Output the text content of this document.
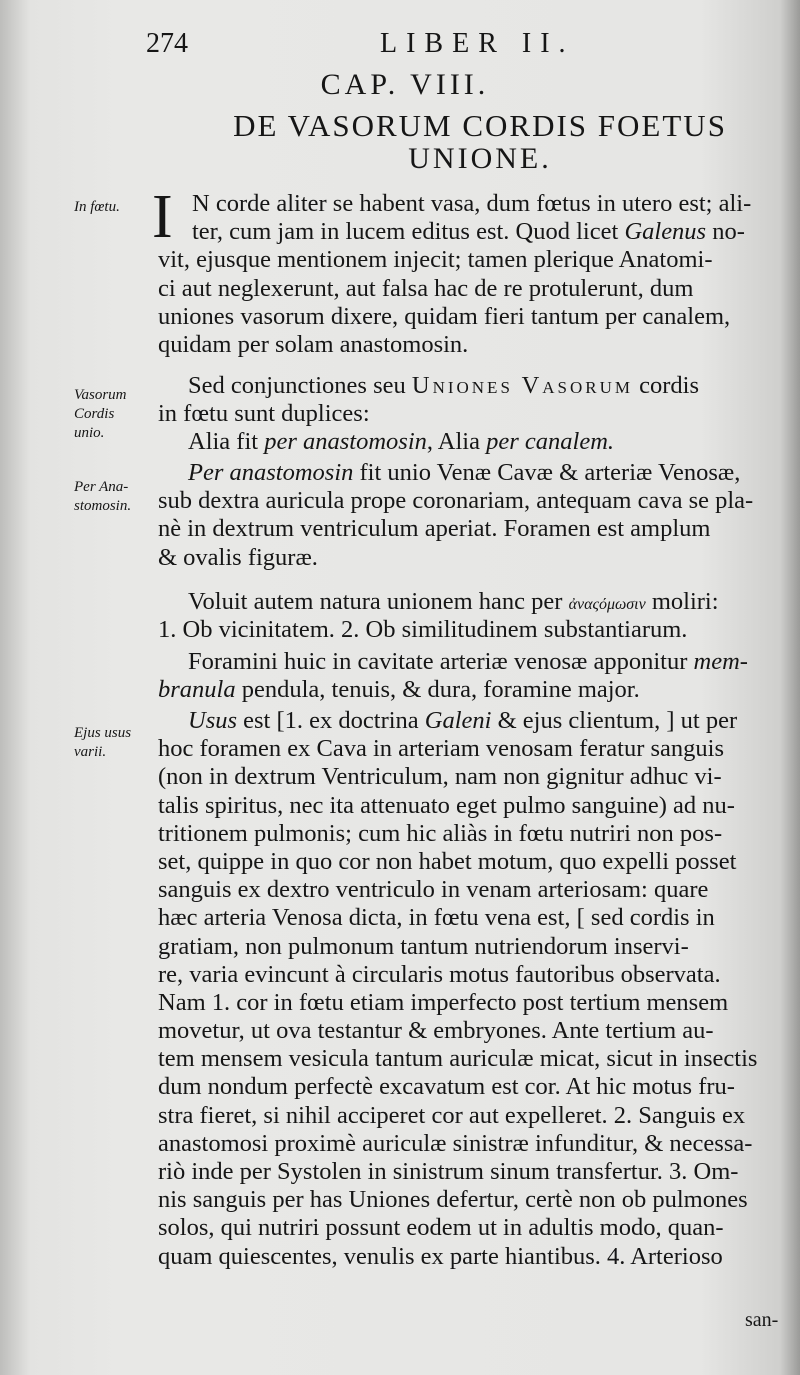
274	LIBER II.
CAP. VIII.
DE VASORUM CORDIS FOETUS
UNIONE.
In fœtu.
Vasorum
Cordis
unio.
Per Ana-
stomosin.
Ejus usus
varii.
I N corde aliter se habent vasa, dum fœtus in utero est; ali-
ter, cum jam in lucem editus est. Quod licet Galenus no-
vit, ejusque mentionem injecit; tamen plerique Anatomi-
ci aut neglexerunt, aut falsa hac de re protulerunt, dum
uniones vasorum dixere, quidam fieri tantum per canalem,
quidam per solam anastomosin.
Sed conjunctiones seu Uniones Vasorum cordis
in fœtu sunt duplices:
Alia fit per anastomosin, Alia per canalem.
Per anastomosin fit unio Venæ Cavæ & arteriæ Venosæ,
sub dextra auricula prope coronariam, antequam cava se pla-
nè in dextrum ventriculum aperiat. Foramen est amplum
& ovalis figuræ.
Voluit autem natura unionem hanc per ἀναςόμωσιν moliri:
1. Ob vicinitatem. 2. Ob similitudinem substantiarum.
Foramini huic in cavitate arteriæ venosæ apponitur mem-
branula pendula, tenuis, & dura, foramine major.
Usus est [1. ex doctrina Galeni & ejus clientum, ] ut per
hoc foramen ex Cava in arteriam venosam feratur sanguis
(non in dextrum Ventriculum, nam non gignitur adhuc vi-
talis spiritus, nec ita attenuato eget pulmo sanguine) ad nu-
tritionem pulmonis; cum hic aliàs in fœtu nutriri non pos-
set, quippe in quo cor non habet motum, quo expelli posset
sanguis ex dextro ventriculo in venam arteriosam: quare
hæc arteria Venosa dicta, in fœtu vena est, [ sed cordis in
gratiam, non pulmonum tantum nutriendorum inservi-
re, varia evincunt à circularis motus fautoribus observata.
Nam 1. cor in fœtu etiam imperfecto post tertium mensem
movetur, ut ova testantur & embryones. Ante tertium au-
tem mensem vesicula tantum auriculæ micat, sicut in insectis
dum nondum perfectè excavatum est cor. At hic motus fru-
stra fieret, si nihil acciperet cor aut expelleret. 2. Sanguis ex
anastomosi proximè auriculæ sinistræ infunditur, & necessa-
riò inde per Systolen in sinistrum sinum transfertur. 3. Om-
nis sanguis per has Uniones defertur, certè non ob pulmones
solos, qui nutriri possunt eodem ut in adultis modo, quan-
quam quiescentes, venulis ex parte hiantibus. 4. Arterioso
san-
